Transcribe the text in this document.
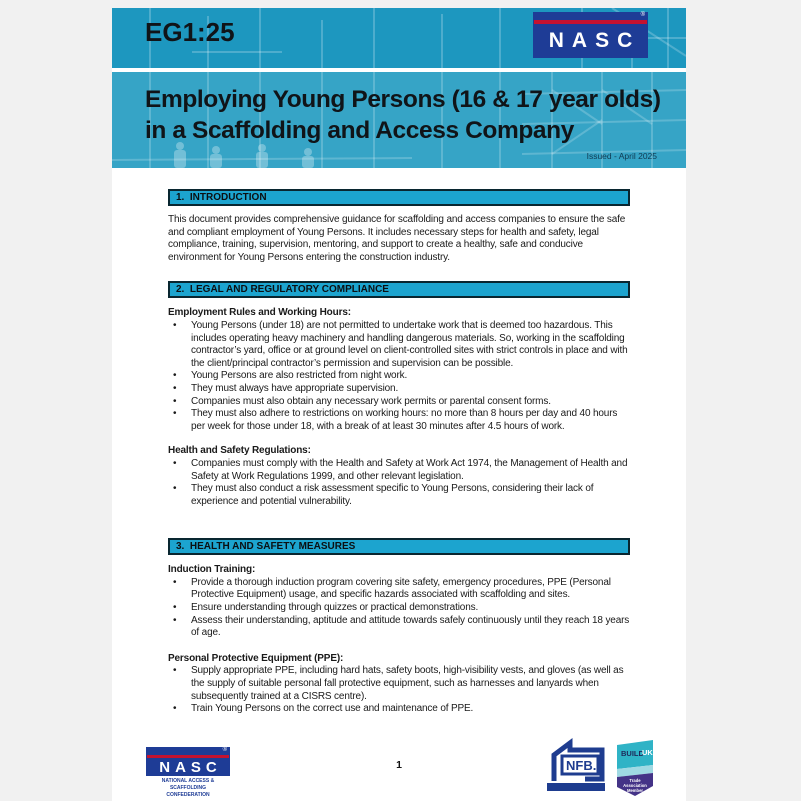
EG1:25
®
NASC
Employing Young Persons (16 & 17 year olds) in a Scaffolding and Access Company
Issued - April 2025
1.  INTRODUCTION

This document provides comprehensive guidance for scaffolding and access companies to ensure the safe and compliant employment of Young Persons. It includes necessary steps for health and safety, legal compliance, training, supervision, mentoring, and support to create a healthy, safe and conducive environment for Young Persons entering the construction industry.

2.  LEGAL AND REGULATORY COMPLIANCE
Employment Rules and Working Hours:
• Young Persons (under 18) are not permitted to undertake work that is deemed too hazardous. This includes operating heavy machinery and handling dangerous materials. So, working in the scaffolding contractor’s yard, office or at ground level on client-controlled sites with strict controls in place and with the client/principal contractor’s permission and supervision can be possible.
• Young Persons are also restricted from night work.
• They must always have appropriate supervision.
• Companies must also obtain any necessary work permits or parental consent forms.
• They must also adhere to restrictions on working hours: no more than 8 hours per day and 40 hours per week for those under 18, with a break of at least 30 minutes after 4.5 hours of work.
Health and Safety Regulations:
• Companies must comply with the Health and Safety at Work Act 1974, the Management of Health and Safety at Work Regulations 1999, and other relevant legislation.
• They must also conduct a risk assessment specific to Young Persons, considering their lack of experience and potential vulnerability.
3.  HEALTH AND SAFETY MEASURES
Induction Training:
• Provide a thorough induction program covering site safety, emergency procedures, PPE (Personal Protective Equipment) usage, and specific hazards associated with scaffolding and sites.
• Ensure understanding through quizzes or practical demonstrations.
• Assess their understanding, aptitude and attitude towards safely continuously until they reach 18 years of age.
Personal Protective Equipment (PPE):
• Supply appropriate PPE, including hard hats, safety boots, high-visibility vests, and gloves (as well as the supply of suitable personal fall protective equipment, such as harnesses and lanyards when subsequently trained at a CISRS centre).
• Train Young Persons on the correct use and maintenance of PPE.
®
NASC
NATIONAL ACCESS & SCAFFOLDING
CONFEDERATION
1	NFB.
National Federation of Builders
BUILD
UK
Trade
Association
Member
